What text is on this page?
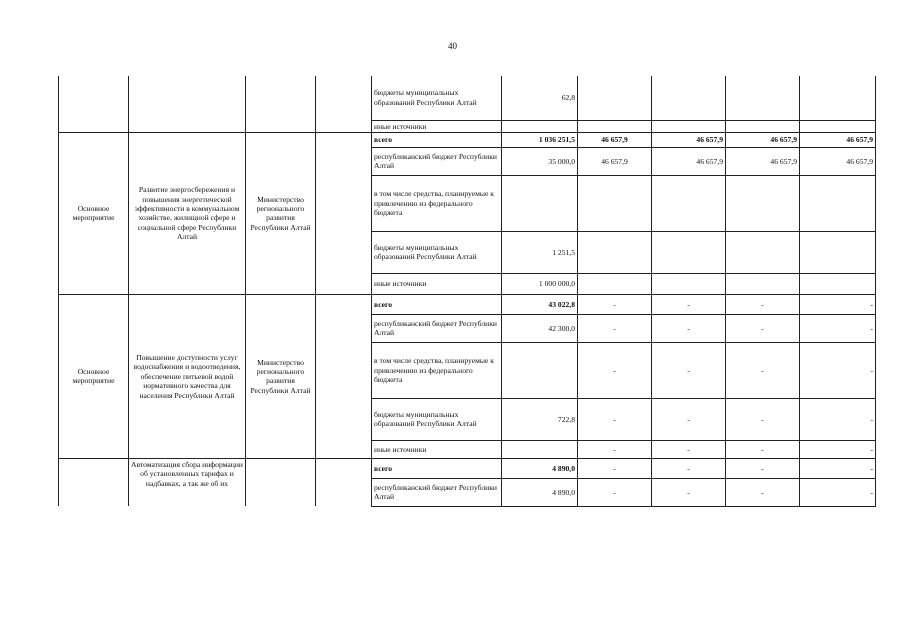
40
				бюджеты муниципальных образований Республики Алтай	62,8				
				иные источники					
Основное мероприятие	Развитие энергосбережения и повышения энергетической эффективности в коммунальном хозяйстве, жилищной сфере и социальной сфере Республики Алтай	Министерство регионального развития Республики Алтай		всего	1 036 251,5	46 657,9	46 657,9	46 657,9	46 657,9
				республиканский бюджет Республики Алтай	35 000,0	46 657,9	46 657,9	46 657,9	46 657,9
				в том числе средства, планируемые к привлечению из федерального бюджета					
				бюджеты муниципальных образований Республики Алтай	1 251,5				
				иные источники	1 000 000,0				
Основное мероприятие	Повышение доступности услуг водоснабжения и водоотведения, обеспечение питьевой водой нормативного качества для населения Республики Алтай	Министерство регионального развития Республики Алтай		всего	43 022,8	-	-	-	-
				республиканский бюджет Республики Алтай	42 300,0	-	-	-	-
				в том числе средства, планируемые к привлечению из федерального бюджета		-	-	-	-
				бюджеты муниципальных образований Республики Алтай	722,8	-	-	-	-
				иные источники		-	-	-	-
	Автоматизация сбора информации об установленных тарифах и надбавках, а так же об их			всего	4 890,0	-	-	-	-
				республиканский бюджет Республики Алтай	4 890,0	-	-	-	-
